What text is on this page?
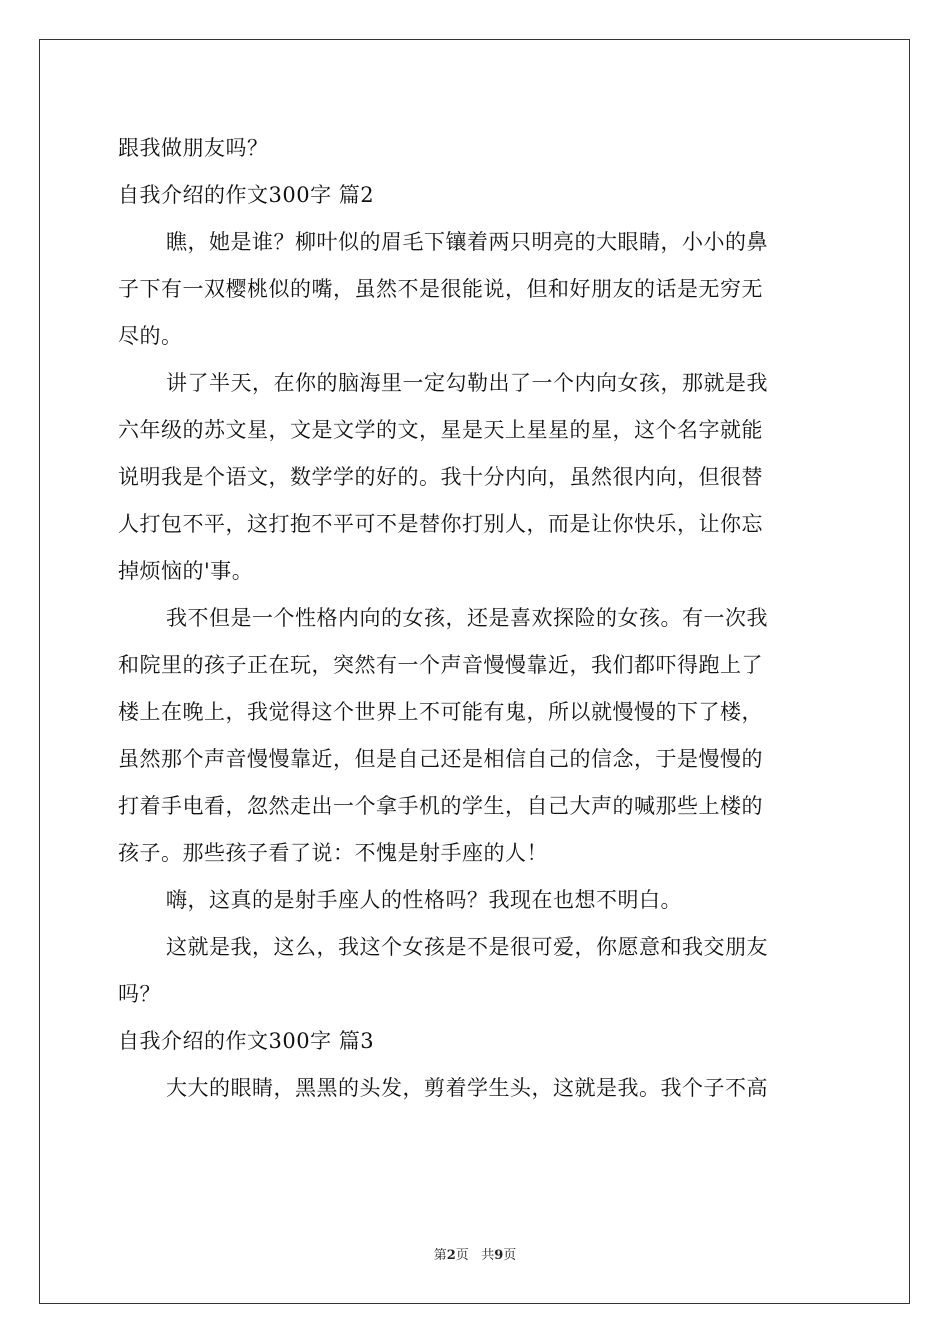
跟我做朋友吗？
自我介绍的作文300字 篇2
瞧，她是谁？柳叶似的眉毛下镶着两只明亮的大眼睛，小小的鼻
子下有一双樱桃似的嘴，虽然不是很能说，但和好朋友的话是无穷无
尽的。
讲了半天，在你的脑海里一定勾勒出了一个内向女孩，那就是我
六年级的苏文星，文是文学的文，星是天上星星的星，这个名字就能
说明我是个语文，数学学的好的。我十分内向，虽然很内向，但很替
人打包不平，这打抱不平可不是替你打别人，而是让你快乐，让你忘
掉烦恼的'事。
我不但是一个性格内向的女孩，还是喜欢探险的女孩。有一次我
和院里的孩子正在玩，突然有一个声音慢慢靠近，我们都吓得跑上了
楼上在晚上，我觉得这个世界上不可能有鬼，所以就慢慢的下了楼，
虽然那个声音慢慢靠近，但是自己还是相信自己的信念，于是慢慢的
打着手电看，忽然走出一个拿手机的学生，自己大声的喊那些上楼的
孩子。那些孩子看了说：不愧是射手座的人！
嗨，这真的是射手座人的性格吗？我现在也想不明白。
这就是我，这么，我这个女孩是不是很可爱，你愿意和我交朋友
吗？
自我介绍的作文300字 篇3
大大的眼睛，黑黑的头发，剪着学生头，这就是我。我个子不高
第2页 共9页
